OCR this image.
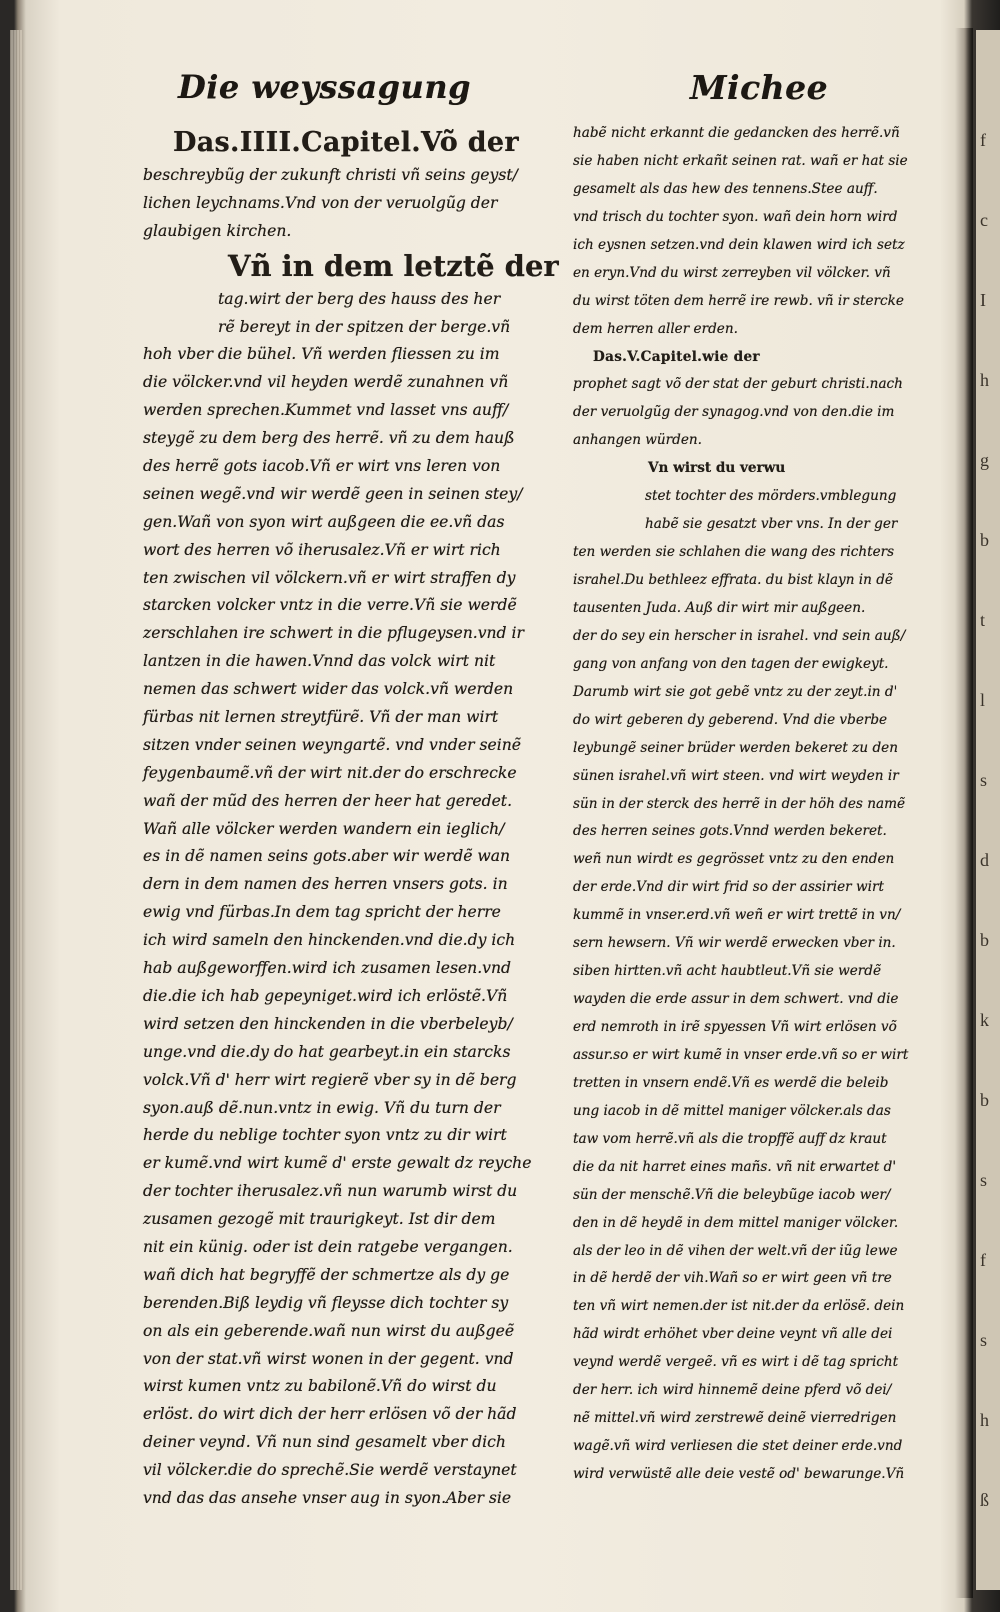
f
c
I
h
g
b
t
l
s
d
b
k
b
s
f
s
h
ß
Die weyssagung	Michee
Das.IIII.Capitel.Võ der
beschreybũg der zukunft christi vñ seins geyst/
lichen leychnams.Vnd von der veruolgũg der
glaubigen kirchen.
Vñ in dem letztẽ der
tag.wirt der berg des hauss des her
rẽ bereyt in der spitzen der berge.vñ
hoh vber die bühel. Vñ werden fliessen zu im
die völcker.vnd vil heyden werdẽ zunahnen vñ
werden sprechen.Kummet vnd lasset vns auff/
steygẽ zu dem berg des herrẽ. vñ zu dem hauß
des herrẽ gots iacob.Vñ er wirt vns leren von
seinen wegẽ.vnd wir werdẽ geen in seinen stey/
gen.Wañ von syon wirt außgeen die ee.vñ das
wort des herren võ iherusalez.Vñ er wirt rich
ten zwischen vil völckern.vñ er wirt straffen dy
starcken volcker vntz in die verre.Vñ sie werdẽ
zerschlahen ire schwert in die pflugeysen.vnd ir
lantzen in die hawen.Vnnd das volck wirt nit
nemen das schwert wider das volck.vñ werden
fürbas nit lernen streytfürẽ. Vñ der man wirt
sitzen vnder seinen weyngartẽ. vnd vnder seinẽ
feygenbaumẽ.vñ der wirt nit.der do erschrecke
wañ der mũd des herren der heer hat geredet.
Wañ alle völcker werden wandern ein ieglich/
es in dẽ namen seins gots.aber wir werdẽ wan
dern in dem namen des herren vnsers gots. in
ewig vnd fürbas.In dem tag spricht der herre
ich wird sameln den hinckenden.vnd die.dy ich
hab außgeworffen.wird ich zusamen lesen.vnd
die.die ich hab gepeyniget.wird ich erlöstẽ.Vñ
wird setzen den hinckenden in die vberbeleyb/
unge.vnd die.dy do hat gearbeyt.in ein starcks
volck.Vñ d' herr wirt regierẽ vber sy in dẽ berg
syon.auß dẽ.nun.vntz in ewig. Vñ du turn der
herde du neblige tochter syon vntz zu dir wirt
er kumẽ.vnd wirt kumẽ d' erste gewalt dz reyche
der tochter iherusalez.vñ nun warumb wirst du
zusamen gezogẽ mit traurigkeyt. Ist dir dem
nit ein künig. oder ist dein ratgebe vergangen.
wañ dich hat begryffẽ der schmertze als dy ge
berenden.Biß leydig vñ fleysse dich tochter sy
on als ein geberende.wañ nun wirst du außgeẽ
von der stat.vñ wirst wonen in der gegent. vnd
wirst kumen vntz zu babilonẽ.Vñ do wirst du
erlöst. do wirt dich der herr erlösen võ der hãd
deiner veynd. Vñ nun sind gesamelt vber dich
vil völcker.die do sprechẽ.Sie werdẽ verstaynet
vnd das das ansehe vnser aug in syon.Aber sie
habẽ nicht erkannt die gedancken des herrẽ.vñ
sie haben nicht erkañt seinen rat. wañ er hat sie
gesamelt als das hew des tennens.Stee auff.
vnd trisch du tochter syon. wañ dein horn wird
ich eysnen setzen.vnd dein klawen wird ich setz
en eryn.Vnd du wirst zerreyben vil völcker. vñ
du wirst töten dem herrẽ ire rewb. vñ ir stercke
dem herren aller erden.
Das.V.Capitel.wie der
prophet sagt võ der stat der geburt christi.nach
der veruolgũg der synagog.vnd von den.die im
anhangen würden.
Vn wirst du verwu
stet tochter des mörders.vmblegung
habẽ sie gesatzt vber vns. In der ger
ten werden sie schlahen die wang des richters
israhel.Du bethleez effrata. du bist klayn in dẽ
tausenten Juda. Auß dir wirt mir außgeen.
der do sey ein herscher in israhel. vnd sein auß/
gang von anfang von den tagen der ewigkeyt.
Darumb wirt sie got gebẽ vntz zu der zeyt.in d'
do wirt geberen dy geberend. Vnd die vberbe
leybungẽ seiner brüder werden bekeret zu den
sünen israhel.vñ wirt steen. vnd wirt weyden ir
sün in der sterck des herrẽ in der höh des namẽ
des herren seines gots.Vnnd werden bekeret.
weñ nun wirdt es gegrösset vntz zu den enden
der erde.Vnd dir wirt frid so der assirier wirt
kummẽ in vnser.erd.vñ weñ er wirt trettẽ in vn/
sern hewsern. Vñ wir werdẽ erwecken vber in.
siben hirtten.vñ acht haubtleut.Vñ sie werdẽ
wayden die erde assur in dem schwert. vnd die
erd nemroth in irẽ spyessen Vñ wirt erlösen võ
assur.so er wirt kumẽ in vnser erde.vñ so er wirt
tretten in vnsern endẽ.Vñ es werdẽ die beleib
ung iacob in dẽ mittel maniger völcker.als das
taw vom herrẽ.vñ als die tropffẽ auff dz kraut
die da nit harret eines mañs. vñ nit erwartet d'
sün der menschẽ.Vñ die beleybũge iacob wer/
den in dẽ heydẽ in dem mittel maniger völcker.
als der leo in dẽ vihen der welt.vñ der iũg lewe
in dẽ herdẽ der vih.Wañ so er wirt geen vñ tre
ten vñ wirt nemen.der ist nit.der da erlösẽ. dein
hãd wirdt erhöhet vber deine veynt vñ alle dei
veynd werdẽ vergeẽ. vñ es wirt i dẽ tag spricht
der herr. ich wird hinnemẽ deine pferd võ dei/
nẽ mittel.vñ wird zerstrewẽ deinẽ vierredrigen
wagẽ.vñ wird verliesen die stet deiner erde.vnd
wird verwüstẽ alle deie vestẽ od' bewarunge.Vñ
